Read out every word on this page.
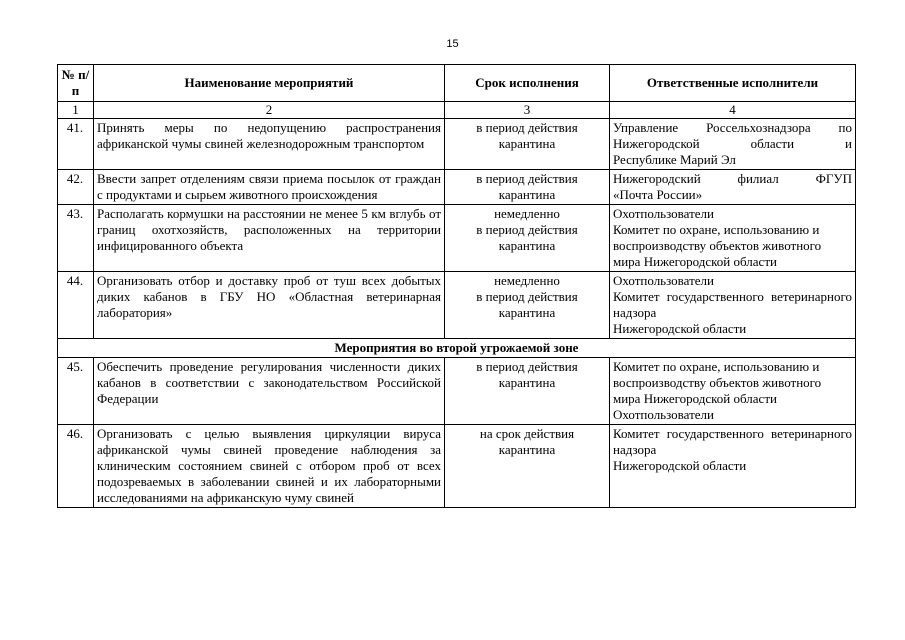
15
№ п/п	Наименование мероприятий	Срок исполнения	Ответственные исполнители
1	2	3	4
41.	Принять меры по недопущению распространения африканской чумы свиней железнодорожным транспортом	в период действия
карантина	Управление Россельхознадзора по Нижегородской области и
Республике Марий Эл

42.	Ввести запрет отделениям связи приема посылок от граждан с продуктами и сырьем животного происхождения	в период действия
карантина	Нижегородский филиал ФГУП
«Почта России»

43.	Располагать кормушки на расстоянии не менее 5 км вглубь от границ охотхозяйств, расположенных на территории инфицированного объекта	немедленно
в период действия
карантина	Охотпользователи
Комитет по охране, использованию и
воспроизводству объектов животного
мира Нижегородской области

44.	Организовать отбор и доставку проб от туш всех добытых диких кабанов в ГБУ НО «Областная ветеринарная лаборатория»	немедленно
в период действия
карантина	Охотпользователи
Комитет государственного ветеринарного надзора
Нижегородской области

Мероприятия во второй угрожаемой зоне			
45.	Обеспечить проведение регулирования численности диких кабанов в соответствии с законодательством Российской Федерации	в период действия
карантина	Комитет по охране, использованию и
воспроизводству объектов животного
мира Нижегородской области
Охотпользователи

46.	Организовать с целью выявления циркуляции вируса африканской чумы свиней проведение наблюдения за клиническим состоянием свиней с отбором проб от всех подозреваемых в заболевании свиней и их лабораторными исследованиями на африканскую чуму свиней	на срок действия
карантина	Комитет государственного ветеринарного надзора
Нижегородской области
